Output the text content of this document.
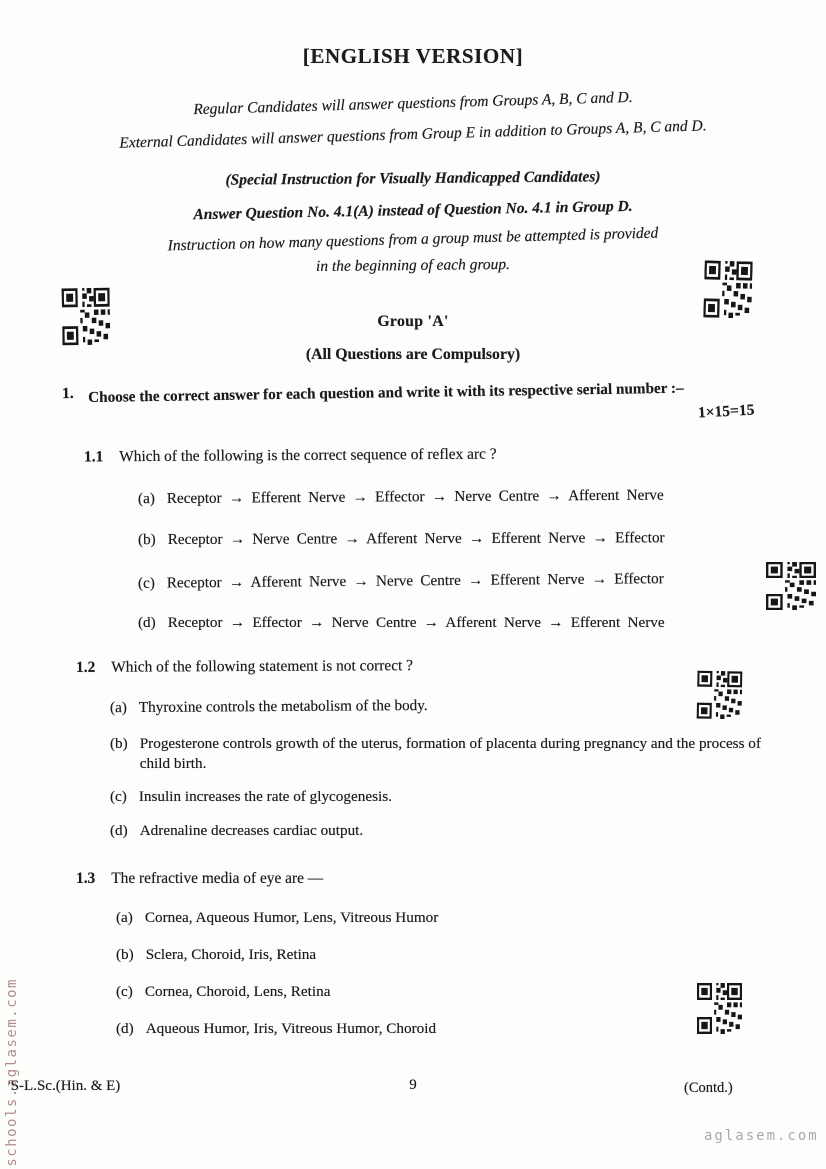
[ENGLISH VERSION]
Regular Candidates will answer questions from Groups A, B, C and D.
External Candidates will answer questions from Group E in addition to Groups A, B, C and D.
(Special Instruction for Visually Handicapped Candidates)
Answer Question No. 4.1(A) instead of Question No. 4.1 in Group D.
Instruction on how many questions from a group must be attempted is provided
in the beginning of each group.
Group 'A'
(All Questions are Compulsory)
1. Choose the correct answer for each question and write it with its respective serial number :–
1×15=15
1.1 Which of the following is the correct sequence of reflex arc ?
(a) Receptor → Efferent Nerve → Effector → Nerve Centre → Afferent Nerve
(b) Receptor → Nerve Centre → Afferent Nerve → Efferent Nerve → Effector
(c) Receptor → Afferent Nerve → Nerve Centre → Efferent Nerve → Effector
(d) Receptor → Effector → Nerve Centre → Afferent Nerve → Efferent Nerve
1.2 Which of the following statement is not correct ?
(a) Thyroxine controls the metabolism of the body.
(b) Progesterone controls growth of the uterus, formation of placenta during pregnancy and the process of child birth.
(c) Insulin increases the rate of glycogenesis.
(d) Adrenaline decreases cardiac output.
1.3 The refractive media of eye are —
(a) Cornea, Aqueous Humor, Lens, Vitreous Humor
(b) Sclera, Choroid, Iris, Retina
(c) Cornea, Choroid, Lens, Retina
(d) Aqueous Humor, Iris, Vitreous Humor, Choroid
'S-L.Sc.(Hin. & E)	9	(Contd.)
schools.aglasem.com	aglasem.com
